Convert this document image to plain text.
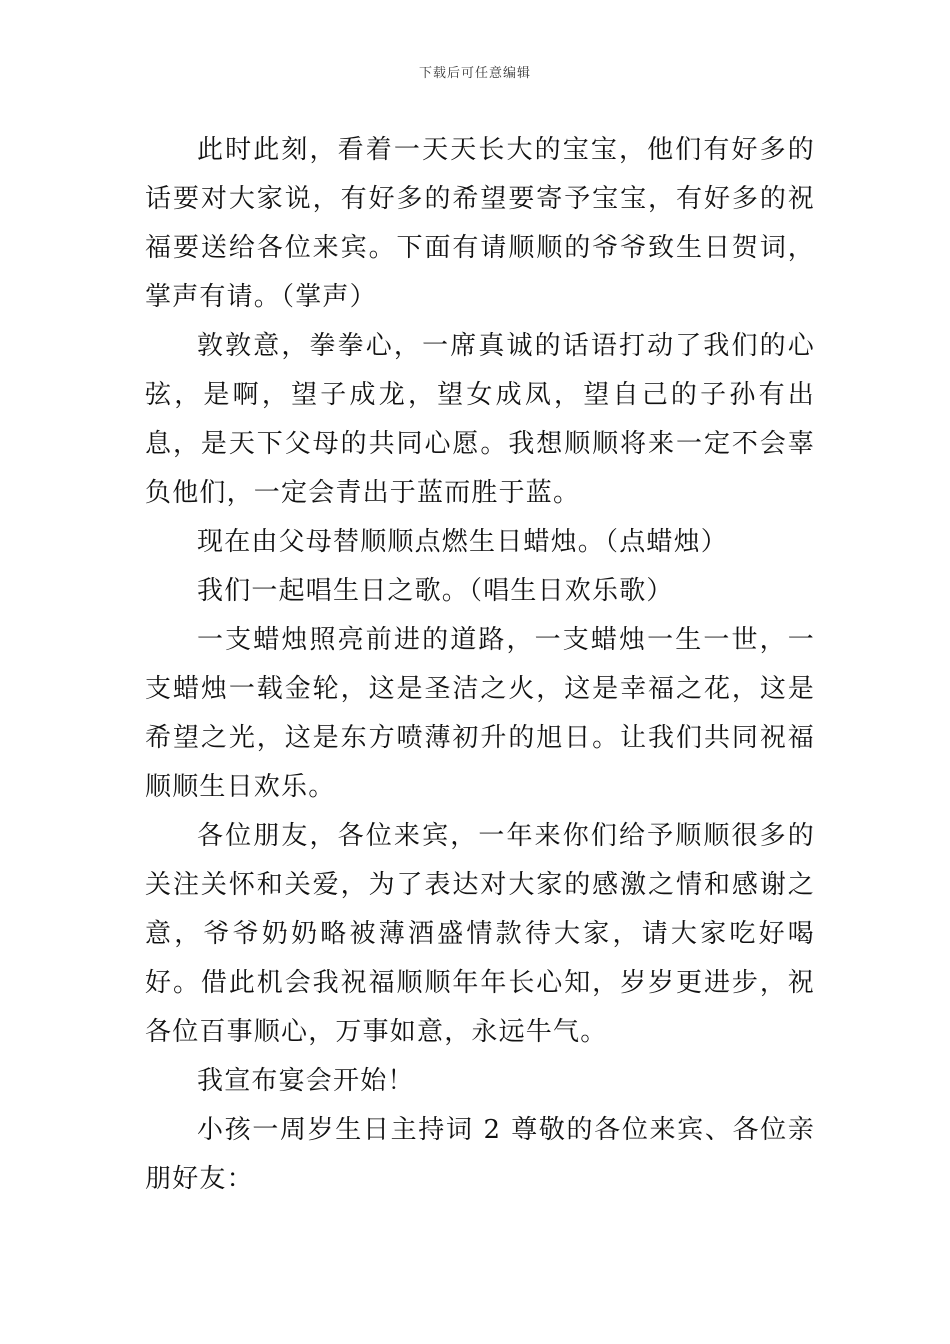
下载后可任意编辑

此时此刻，看着一天天长大的宝宝，他们有好多的话要对大家说，有好多的希望要寄予宝宝，有好多的祝福要送给各位来宾。下面有请顺顺的爷爷致生日贺词，掌声有请。（掌声）

敦敦意，拳拳心，一席真诚的话语打动了我们的心弦，是啊，望子成龙，望女成凤，望自己的子孙有出息，是天下父母的共同心愿。我想顺顺将来一定不会辜负他们，一定会青出于蓝而胜于蓝。

现在由父母替顺顺点燃生日蜡烛。（点蜡烛）

我们一起唱生日之歌。（唱生日欢乐歌）

一支蜡烛照亮前进的道路，一支蜡烛一生一世，一支蜡烛一载金轮，这是圣洁之火，这是幸福之花，这是希望之光，这是东方喷薄初升的旭日。让我们共同祝福顺顺生日欢乐。

各位朋友，各位来宾，一年来你们给予顺顺很多的关注关怀和关爱，为了表达对大家的感激之情和感谢之意，爷爷奶奶略被薄酒盛情款待大家，请大家吃好喝好。借此机会我祝福顺顺年年长心知，岁岁更进步，祝各位百事顺心，万事如意，永远牛气。

我宣布宴会开始！

小孩一周岁生日主持词 2 尊敬的各位来宾、各位亲朋好友：
